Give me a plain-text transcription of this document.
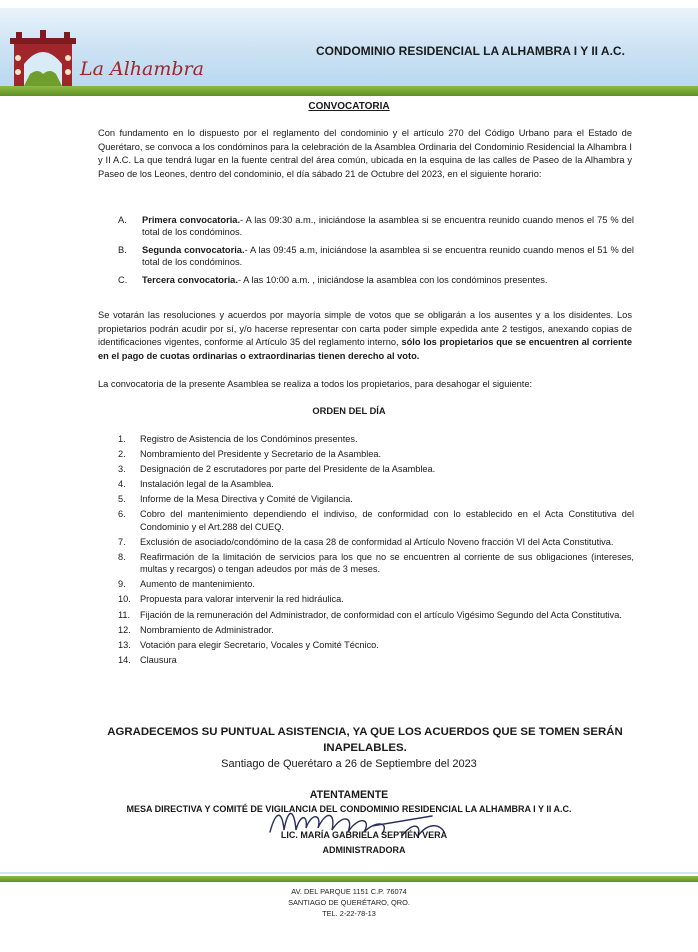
La Alhambra
CONDOMINIO RESIDENCIAL LA ALHAMBRA I Y II A.C.
CONVOCATORIA
Con fundamento en lo dispuesto por el reglamento del condominio y el artículo 270 del Código Urbano para el Estado de Querétaro, se convoca a los condóminos para la celebración de la Asamblea Ordinaria del Condominio Residencial la Alhambra I y II A.C. La que tendrá lugar en la fuente central del área común, ubicada en la esquina de las calles de Paseo de la Alhambra y Paseo de los Leones, dentro del condominio, el día sábado 21 de Octubre del 2023, en el siguiente horario:
A. Primera convocatoria.- A las 09:30 a.m., iniciándose la asamblea si se encuentra reunido cuando menos el 75 % del total de los condóminos.
B. Segunda convocatoria.- A las 09:45 a.m, iniciándose la asamblea si se encuentra reunido cuando menos el 51 % del total de los condóminos.
C. Tercera convocatoria.- A las 10:00 a.m. , iniciándose la asamblea con los condóminos presentes.
Se votarán las resoluciones y acuerdos por mayoría simple de votos que se obligarán a los ausentes y a los disidentes. Los propietarios podrán acudir por sí, y/o hacerse representar con carta poder simple expedida ante 2 testigos, anexando copias de identificaciones vigentes, conforme al Artículo 35 del reglamento interno, sólo los propietarios que se encuentren al corriente en el pago de cuotas ordinarias o extraordinarias tienen derecho al voto.
La convocatoria de la presente Asamblea se realiza a todos los propietarios, para desahogar el siguiente:
ORDEN DEL DÍA
1. Registro de Asistencia de los Condóminos presentes.
2. Nombramiento del Presidente y Secretario de la Asamblea.
3. Designación de 2 escrutadores por parte del Presidente de la Asamblea.
4. Instalación legal de la Asamblea.
5. Informe de la Mesa Directiva y Comité de Vigilancia.
6. Cobro del mantenimiento dependiendo el indiviso, de conformidad con lo establecido en el Acta Constitutiva del Condominio y el Art.288 del CUEQ.
7. Exclusión de asociado/condómino de la casa 28 de conformidad al Artículo Noveno fracción VI del Acta Constitutiva.
8. Reafirmación de la limitación de servicios para los que no se encuentren al corriente de sus obligaciones (intereses, multas y recargos) o tengan adeudos por más de 3 meses.
9. Aumento de mantenimiento.
10. Propuesta para valorar intervenir la red hidráulica.
11. Fijación de la remuneración del Administrador, de conformidad con el artículo Vigésimo Segundo del Acta Constitutiva.
12. Nombramiento de Administrador.
13. Votación para elegir Secretario, Vocales y Comité Técnico.
14. Clausura
AGRADECEMOS SU PUNTUAL ASISTENCIA, YA QUE LOS ACUERDOS QUE SE TOMEN SERÁN INAPELABLES.
Santiago de Querétaro a 26 de Septiembre del 2023
ATENTAMENTE
MESA DIRECTIVA Y COMITÉ DE VIGILANCIA DEL CONDOMINIO RESIDENCIAL LA ALHAMBRA I Y II A.C.
LIC. MARÍA GABRIELA SEPTIÉN VERA
ADMINISTRADORA
AV. DEL PARQUE 1151 C.P. 76074
SANTIAGO DE QUERÉTARO, QRO.
TEL. 2-22-78-13
